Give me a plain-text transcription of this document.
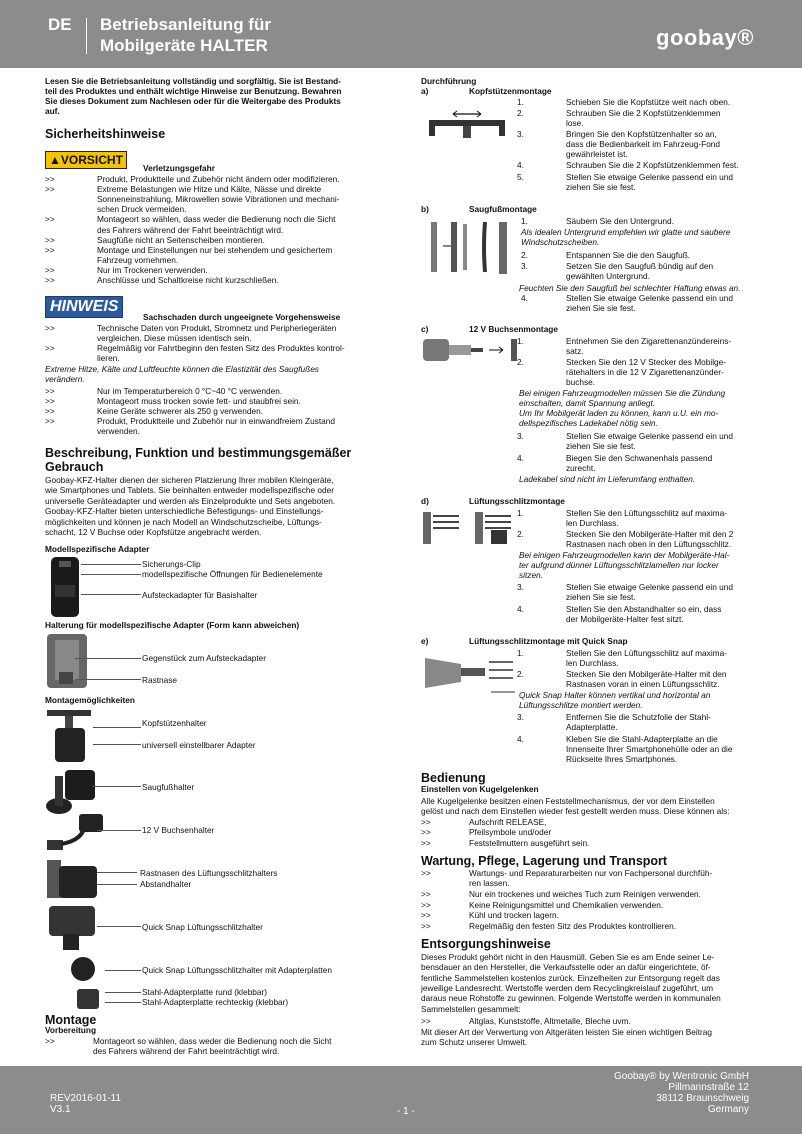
DE Betriebsanleitung für
Mobilgeräte HALTER	goobay®
Lesen Sie die Betriebsanleitung vollständig und sorgfältig. Sie ist Bestand-
teil des Produktes und enthält wichtige Hinweise zur Benutzung. Bewahren
Sie dieses Dokument zum Nachlesen oder für die Weitergabe des Produkts
auf.
Sicherheitshinweise
▲VORSICHT
Verletzungsgefahr
>>	Produkt, Produktteile und Zubehör nicht ändern oder modifizieren.
>>	Extreme Belastungen wie Hitze und Kälte, Nässe und direkte
Sonneneinstrahlung, Mikrowellen sowie Vibrationen und mechani-
schen Druck vermeiden.
>>	Montageort so wählen, dass weder die Bedienung noch die Sicht
des Fahrers während der Fahrt beeinträchtigt wird.
>>	Saugfüße nicht an Seitenscheiben montieren.
>>	Montage und Einstellungen nur bei stehendem und gesichertem
Fahrzeug vornehmen.
>>	Nur im Trockenen verwenden.
>>	Anschlüsse und Schaltkreise nicht kurzschließen.
HINWEIS
Sachschaden durch ungeeignete Vorgehensweise
>>	Technische Daten von Produkt, Stromnetz und Peripheriegeräten
vergleichen. Diese müssen identisch sein.
>>	Regelmäßig vor Fahrtbeginn den festen Sitz des Produktes kontrol-
lieren.
Extreme Hitze, Kälte und Luftfeuchte können die Elastizität des Saugfußes
verändern.
>>	Nur im Temperaturbereich 0 °C~40 °C verwenden.
>>	Montageort muss trocken sowie fett- und staubfrei sein.
>>	Keine Geräte schwerer als 250 g verwenden.
>>	Produkt, Produktteile und Zubehör nur in einwandfreiem Zustand
verwenden.
Beschreibung, Funktion und bestimmungsgemäßer
Gebrauch
Goobay-KFZ-Halter dienen der sicheren Platzierung Ihrer mobilen Kleingeräte,
wie Smartphones und Tablets. Sie beinhalten entweder modellspezifische oder
universelle Geräteadapter und werden als Einzelprodukte und Sets angeboten.
Goobay-KFZ-Halter bieten unterschiedliche Befestigungs- und Einstellungs-
möglichkeiten und können je nach Modell an Windschutzscheibe, Lüftungs-
schacht, 12 V Buchse oder Kopfstütze angebracht werden.
Modellspezifische Adapter
Sicherungs-Clip
modellspezifische Öffnungen für Bedienelemente
Aufsteckadapter für Basishalter
Halterung für modellspezifische Adapter (Form kann abweichen)
Gegenstück zum Aufsteckadapter
Rastnase
Montagemöglichkeiten
Kopfstützenhalter
universell einstellbarer Adapter
Saugfußhalter
12 V Buchsenhalter
Rastnasen des Lüftungsschlitzhalters
Abstandhalter
Quick Snap Lüftungsschlitzhalter
Quick Snap Lüftungsschlitzhalter mit Adapterplatten
Stahl-Adapterplatte rund (klebbar)
Stahl-Adapterplatte rechteckig (klebbar)
Montage
Vorbereitung
>>	Montageort so wählen, dass weder die Bedienung noch die Sicht
des Fahrers während der Fahrt beeinträchtigt wird.
Durchführung
a)	Kopfstützenmontage
1.	Schieben Sie die Kopfstütze weit nach oben.
2.	Schrauben Sie die 2 Kopfstützenklemmen
lose.
3.	Bringen Sie den Kopfstützenhalter so an,
dass die Bedienbarkeit im Fahrzeug-Fond
gewährleistet ist.
4.	Schrauben Sie die 2 Kopfstützenklemmen fest.
5.	Stellen Sie etwaige Gelenke passend ein und
ziehen Sie sie fest.
b)	Saugfußmontage
1.	Säubern Sie den Untergrund.
Als idealen Untergrund empfehlen wir glatte und saubere
Windschutzscheiben.
2.	Entspannen Sie die den Saugfuß.
3.	Setzen Sie den Saugfuß bündig auf den
gewählten Untergrund.
Feuchten Sie den Saugfuß bei schlechter Haftung etwas an.
4.	Stellen Sie etwaige Gelenke passend ein und
ziehen Sie sie fest.
c)	12 V Buchsenmontage
1.	Entnehmen Sie den Zigarettenanzündereins-
satz.
2.	Stecken Sie den 12 V Stecker des Mobilge-
rätehalters in die 12 V Zigarettenanzünder-
buchse.
Bei einigen Fahrzeugmodellen müssen Sie die Zündung
einschalten, damit Spannung anliegt.
Um Ihr Mobilgerät laden zu können, kann u.U. ein mo-
dellspezifisches Ladekabel nötig sein.
3.	Stellen Sie etwaige Gelenke passend ein und
ziehen Sie sie fest.
4.	Biegen Sie den Schwanenhals passend
zurecht.
Ladekabel sind nicht im Lieferumfang enthalten.
d)	Lüftungsschlitzmontage
1.	Stellen Sie den Lüftungsschlitz auf maxima-
len Durchlass.
2.	Stecken Sie den Mobilgeräte-Halter mit den 2
Rastnasen nach oben in den Lüftungsschlitz.
Bei einigen Fahrzeugmodellen kann der Mobilgeräte-Hal-
ter aufgrund dünner Lüftungsschlitzlamellen nur locker
sitzen.
3.	Stellen Sie etwaige Gelenke passend ein und
ziehen Sie sie fest.
4.	Stellen Sie den Abstandhalter so ein, dass
der Mobilgeräte-Halter fest sitzt.
e)	Lüftungsschlitzmontage mit Quick Snap
1.	Stellen Sie den Lüftungsschlitz auf maxima-
len Durchlass.
2.	Stecken Sie den Mobilgeräte-Halter mit den
Rastnasen voran in einen Lüftungsschlitz.
Quick Snap Halter können vertikal und horizontal an
Lüftungsschlitze montiert werden.
3.	Entfernen Sie die Schutzfolie der Stahl-
Adapterplatte.
4.	Kleben Sie die Stahl-Adapterplatte an die
Innenseite Ihrer Smartphonehülle oder an die
Rückseite Ihres Smartphones.
Bedienung
Einstellen von Kugelgelenken
Alle Kugelgelenke besitzen einen Feststellmechanismus, der vor dem Einstellen
gelöst und nach dem Einstellen wieder fest gestellt werden muss. Diese können als:
>>	Aufschrift RELEASE,
>>	Pfeilsymbole und/oder
>>	Feststellmuttern ausgeführt sein.
Wartung, Pflege, Lagerung und Transport
>>	Wartungs- und Reparaturarbeiten nur von Fachpersonal durchfüh-
ren lassen.
>>	Nur ein trockenes und weiches Tuch zum Reinigen verwenden.
>>	Keine Reinigungsmittel und Chemikalien verwenden.
>>	Kühl und trocken lagern.
>>	Regelmäßig den festen Sitz des Produktes kontrollieren.
Entsorgungshinweise
Dieses Produkt gehört nicht in den Hausmüll. Geben Sie es am Ende seiner Le-
bensdauer an den Hersteller, die Verkaufsstelle oder an dafür eingerichtete, öf-
fentliche Sammelstellen kostenlos zurück. Einzelheiten zur Entsorgung regelt das
jeweilige Landesrecht. Wertstoffe werden dem Recyclingkreislauf zugeführt, um
daraus neue Rohstoffe zu gewinnen. Folgende Wertstoffe werden in kommunalen
Sammelstellen gesammelt:
>>	Altglas, Kunststoffe, Altmetalle, Bleche uvm.
Mit dieser Art der Verwertung von Altgeräten leisten Sie einen wichtigen Beitrag
zum Schutz unserer Umwelt.
REV2016-01-11
V3.1	- 1 -
Goobay® by Wentronic GmbH
Pillmannstraße 12
38112 Braunschweig
Germany
